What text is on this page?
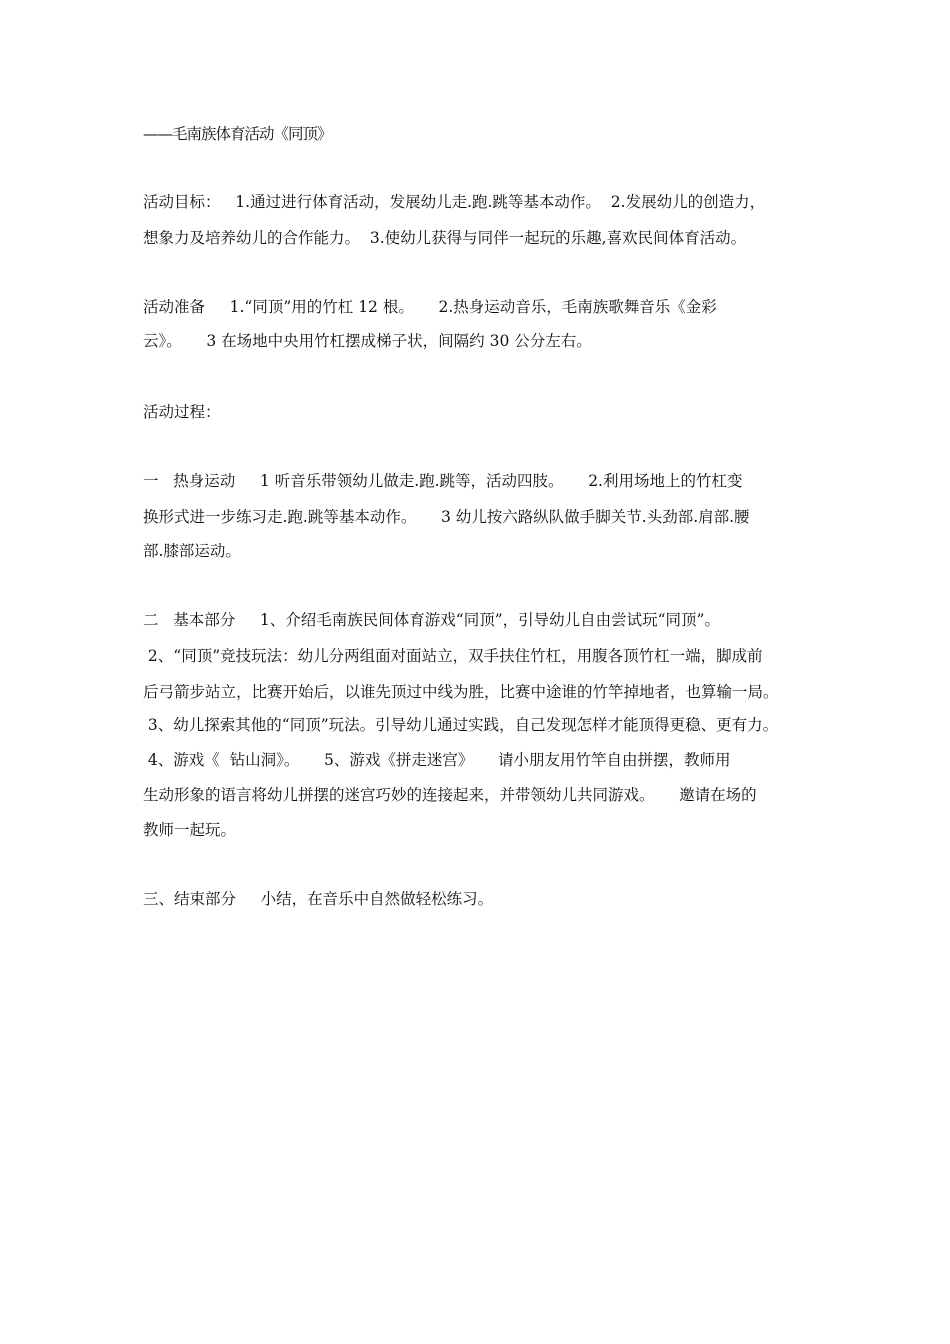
——毛南族体育活动《同顶》
活动目标：   1.通过进行体育活动，发展幼儿走.跑.跳等基本动作。  2.发展幼儿的创造力，
想象力及培养幼儿的合作能力。  3.使幼儿获得与同伴一起玩的乐趣,喜欢民间体育活动。
活动准备     1.“同顶”用的竹杠 12 根。     2.热身运动音乐，毛南族歌舞音乐《金彩
云》。     3 在场地中央用竹杠摆成梯子状，间隔约 30 公分左右。
活动过程：
一   热身运动     1 听音乐带领幼儿做走.跑.跳等，活动四肢。     2.利用场地上的竹杠变
换形式进一步练习走.跑.跳等基本动作。     3 幼儿按六路纵队做手脚关节.头劲部.肩部.腰
部.膝部运动。
二   基本部分     1、介绍毛南族民间体育游戏“同顶”，引导幼儿自由尝试玩“同顶”。
2、“同顶”竞技玩法：幼儿分两组面对面站立，双手扶住竹杠，用腹各顶竹杠一端，脚成前
后弓箭步站立，比赛开始后，以谁先顶过中线为胜，比赛中途谁的竹竿掉地者，也算输一局。
3、幼儿探索其他的“同顶”玩法。引导幼儿通过实践，自己发现怎样才能顶得更稳、更有力。
4、游戏《  钻山洞》。     5、游戏《拼走迷宫》     请小朋友用竹竿自由拼摆，教师用
生动形象的语言将幼儿拼摆的迷宫巧妙的连接起来，并带领幼儿共同游戏。     邀请在场的
教师一起玩。
三、结束部分     小结，在音乐中自然做轻松练习。
